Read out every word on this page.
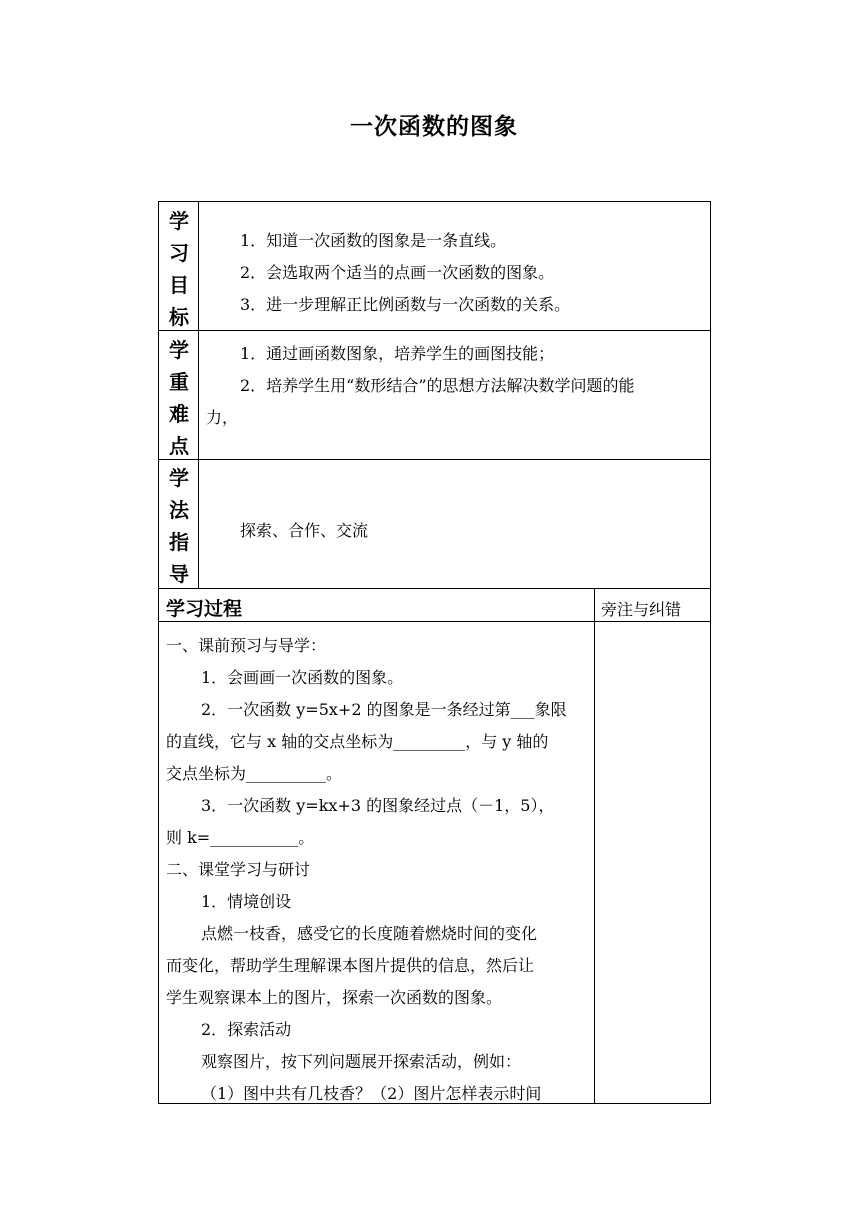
一次函数的图象
学
习
目
标
1．知道一次函数的图象是一条直线。
2．会选取两个适当的点画一次函数的图象。
3．进一步理解正比例函数与一次函数的关系。
学
重
难
点
1．通过画函数图象，培养学生的画图技能；
2．培养学生用“数形结合”的思想方法解决数学问题的能
力，
学
法
指
导
探索、合作、交流
学习过程	旁注与纠错
一、课前预习与导学：
1．会画画一次函数的图象。
2．一次函数 y=5x+2 的图象是一条经过第___象限
的直线，它与 x 轴的交点坐标为_________，与 y 轴的
交点坐标为__________。
3．一次函数 y=kx+3 的图象经过点（－1，5），
则 k=___________。
二、课堂学习与研讨
1．情境创设
点燃一枝香，感受它的长度随着燃烧时间的变化
而变化，帮助学生理解课本图片提供的信息，然后让
学生观察课本上的图片，探索一次函数的图象。
2．探索活动
观察图片，按下列问题展开探索活动，例如：
（1）图中共有几枝香？（2）图片怎样表示时间
